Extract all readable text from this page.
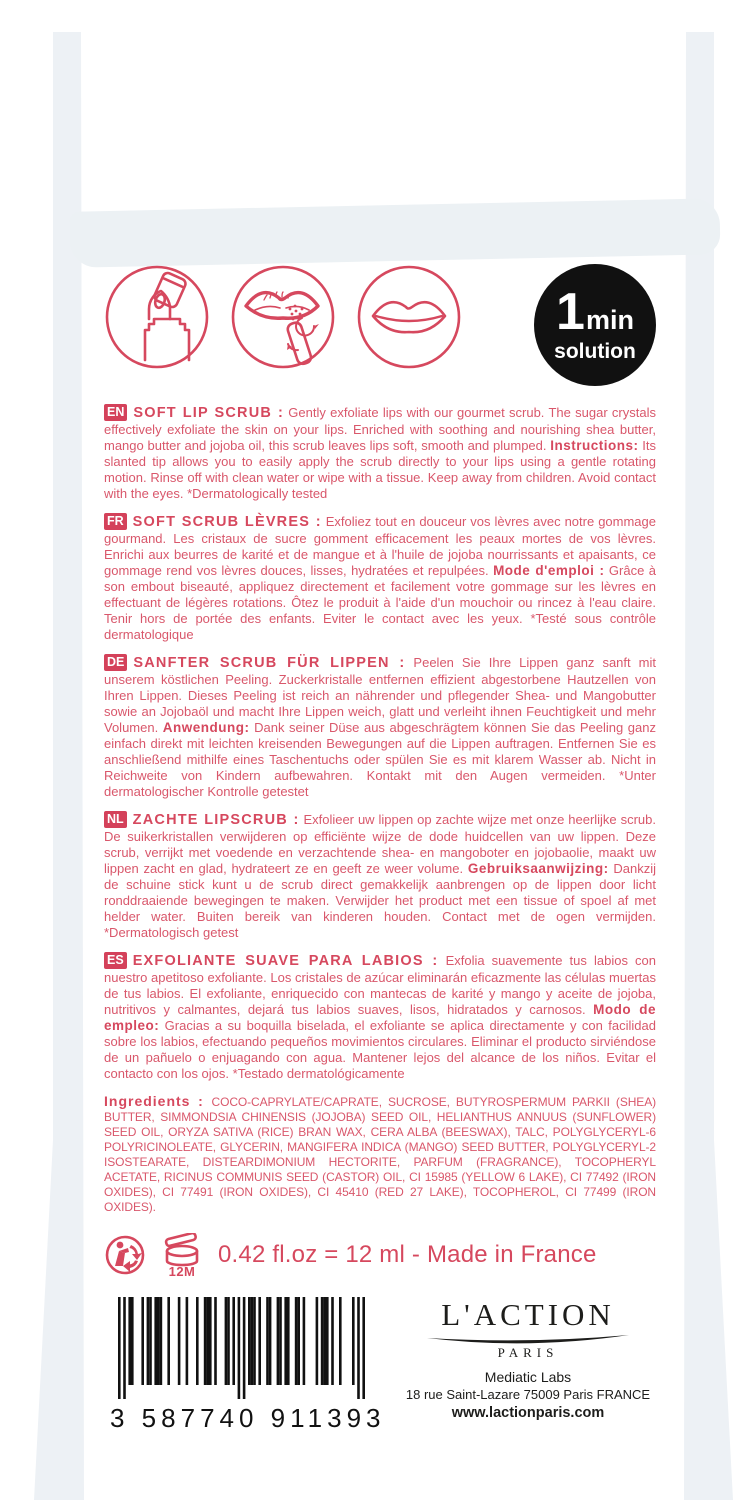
1 min
solution

EN SOFT LIP SCRUB : Gently exfoliate lips with our gourmet scrub. The sugar crystals effectively exfoliate the skin on your lips. Enriched with soothing and nourishing shea butter, mango butter and jojoba oil, this scrub leaves lips soft, smooth and plumped. Instructions: Its slanted tip allows you to easily apply the scrub directly to your lips using a gentle rotating motion. Rinse off with clean water or wipe with a tissue. Keep away from children. Avoid contact with the eyes. *Dermatologically tested

FR SOFT SCRUB LÈVRES : Exfoliez tout en douceur vos lèvres avec notre gommage gourmand. Les cristaux de sucre gomment efficacement les peaux mortes de vos lèvres. Enrichi aux beurres de karité et de mangue et à l'huile de jojoba nourrissants et apaisants, ce gommage rend vos lèvres douces, lisses, hydratées et repulpées. Mode d'emploi : Grâce à son embout biseauté, appliquez directement et facilement votre gommage sur les lèvres en effectuant de légères rotations. Ôtez le produit à l'aide d'un mouchoir ou rincez à l'eau claire. Tenir hors de portée des enfants. Eviter le contact avec les yeux. *Testé sous contrôle dermatologique

DE SANFTER SCRUB FÜR LIPPEN : Peelen Sie Ihre Lippen ganz sanft mit unserem köstlichen Peeling. Zuckerkristalle entfernen effizient abgestorbene Hautzellen von Ihren Lippen. Dieses Peeling ist reich an nährender und pflegender Shea- und Mangobutter sowie an Jojobaöl und macht Ihre Lippen weich, glatt und verleiht ihnen Feuchtigkeit und mehr Volumen. Anwendung: Dank seiner Düse aus abgeschrägtem können Sie das Peeling ganz einfach direkt mit leichten kreisenden Bewegungen auf die Lippen auftragen. Entfernen Sie es anschließend mithilfe eines Taschentuchs oder spülen Sie es mit klarem Wasser ab. Nicht in Reichweite von Kindern aufbewahren. Kontakt mit den Augen vermeiden. *Unter dermatologischer Kontrolle getestet

NL ZACHTE LIPSCRUB : Exfolieer uw lippen op zachte wijze met onze heerlijke scrub. De suikerkristallen verwijderen op efficiënte wijze de dode huidcellen van uw lippen. Deze scrub, verrijkt met voedende en verzachtende shea- en mangoboter en jojobaolie, maakt uw lippen zacht en glad, hydrateert ze en geeft ze weer volume. Gebruiksaanwijzing: Dankzij de schuine stick kunt u de scrub direct gemakkelijk aanbrengen op de lippen door licht ronddraaiende bewegingen te maken. Verwijder het product met een tissue of spoel af met helder water. Buiten bereik van kinderen houden. Contact met de ogen vermijden. *Dermatologisch getest

ES EXFOLIANTE SUAVE PARA LABIOS : Exfolia suavemente tus labios con nuestro apetitoso exfoliante. Los cristales de azúcar eliminarán eficazmente las células muertas de tus labios. El exfoliante, enriquecido con mantecas de karité y mango y aceite de jojoba, nutritivos y calmantes, dejará tus labios suaves, lisos, hidratados y carnosos. Modo de empleo: Gracias a su boquilla biselada, el exfoliante se aplica directamente y con facilidad sobre los labios, efectuando pequeños movimientos circulares. Eliminar el producto sirviéndose de un pañuelo o enjuagando con agua. Mantener lejos del alcance de los niños. Evitar el contacto con los ojos. *Testado dermatológicamente

Ingredients : COCO-CAPRYLATE/CAPRATE, SUCROSE, BUTYROSPERMUM PARKII (SHEA) BUTTER, SIMMONDSIA CHINENSIS (JOJOBA) SEED OIL, HELIANTHUS ANNUUS (SUNFLOWER) SEED OIL, ORYZA SATIVA (RICE) BRAN WAX, CERA ALBA (BEESWAX), TALC, POLYGLYCERYL-6 POLYRICINOLEATE, GLYCERIN, MANGIFERA INDICA (MANGO) SEED BUTTER, POLYGLYCERYL-2 ISOSTEARATE, DISTEARDIMONIUM HECTORITE, PARFUM (FRAGRANCE), TOCOPHERYL ACETATE, RICINUS COMMUNIS SEED (CASTOR) OIL, CI 15985 (YELLOW 6 LAKE), CI 77492 (IRON OXIDES), CI 77491 (IRON OXIDES), CI 45410 (RED 27 LAKE), TOCOPHEROL, CI 77499 (IRON OXIDES).

12M
0.42 fl.oz = 12 ml - Made in France
3 587740 911393
L'ACTION
PARIS
Mediatic Labs
18 rue Saint-Lazare 75009 Paris FRANCE
www.lactionparis.com
